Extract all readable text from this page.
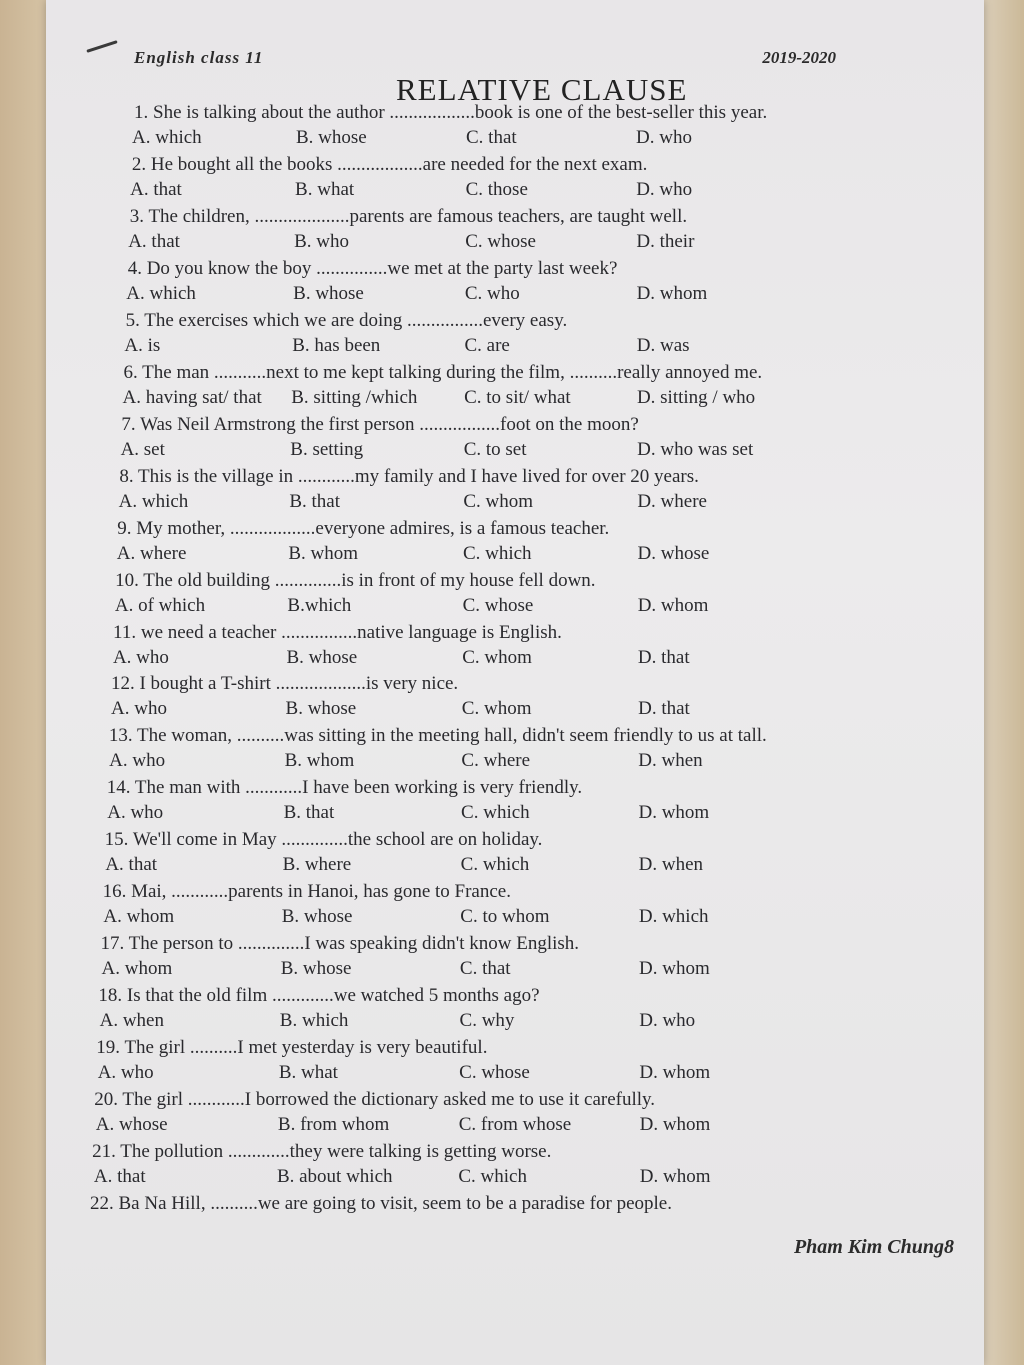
English class 11	2019-2020
RELATIVE CLAUSE
1. She is talking about the author ..................book is one of the best-seller this year.
A. which	B. whose	C. that	D. who
2. He bought all the books ..................are needed for the next exam.
A. that	B. what	C. those	D. who
3. The children, ....................parents are famous teachers, are taught well.
A. that	B. who	C. whose	D. their
4. Do you know the boy ...............we met at the party last week?
A. which	B. whose	C. who	D. whom
5. The exercises which we are doing ................every easy.
A. is	B. has been	C. are	D. was
6. The man ...........next to me kept talking during the film, ..........really annoyed me.
A. having sat/ that B. sitting /which C. to sit/ what	D. sitting / who
7. Was Neil Armstrong the first person .................foot on the moon?
A. set	B. setting	C. to set	D. who was set
8. This is the village in ............my family and I have lived for over 20 years.
A. which	B. that	C. whom	D. where
9. My mother, ..................everyone admires, is a famous teacher.
A. where	B. whom	C. which	D. whose
10. The old building ..............is in front of my house fell down.
A. of which	B.which	C. whose	D. whom
11. we need a teacher ................native language is English.
A. who	B. whose	C. whom	D. that
12. I bought a T-shirt ...................is very nice.
A. who	B. whose	C. whom	D. that
13. The woman, ..........was sitting in the meeting hall, didn't seem friendly to us at tall.
A. who	B. whom	C. where	D. when
14. The man with ............I have been working is very friendly.
A. who	B. that	C. which	D. whom
15. We'll come in May ..............the school are on holiday.
A. that	B. where	C. which	D. when
16. Mai, ............parents in Hanoi, has gone to France.
A. whom	B. whose	C. to whom	D. which
17. The person to ..............I was speaking didn't know English.
A. whom	B. whose	C. that	D. whom
18. Is that the old film .............we watched 5 months ago?
A. when	B. which	C. why	D. who
19. The girl ..........I met yesterday is very beautiful.
A. who	B. what	C. whose	D. whom
20. The girl ............I borrowed the dictionary asked me to use it carefully.
A. whose	B. from whom	C. from whose	D. whom
21. The pollution .............they were talking is getting worse.
A. that	B. about which	C. which	D. whom
22. Ba Na Hill, ..........we are going to visit, seem to be a paradise for people.
Pham Kim Chung8
